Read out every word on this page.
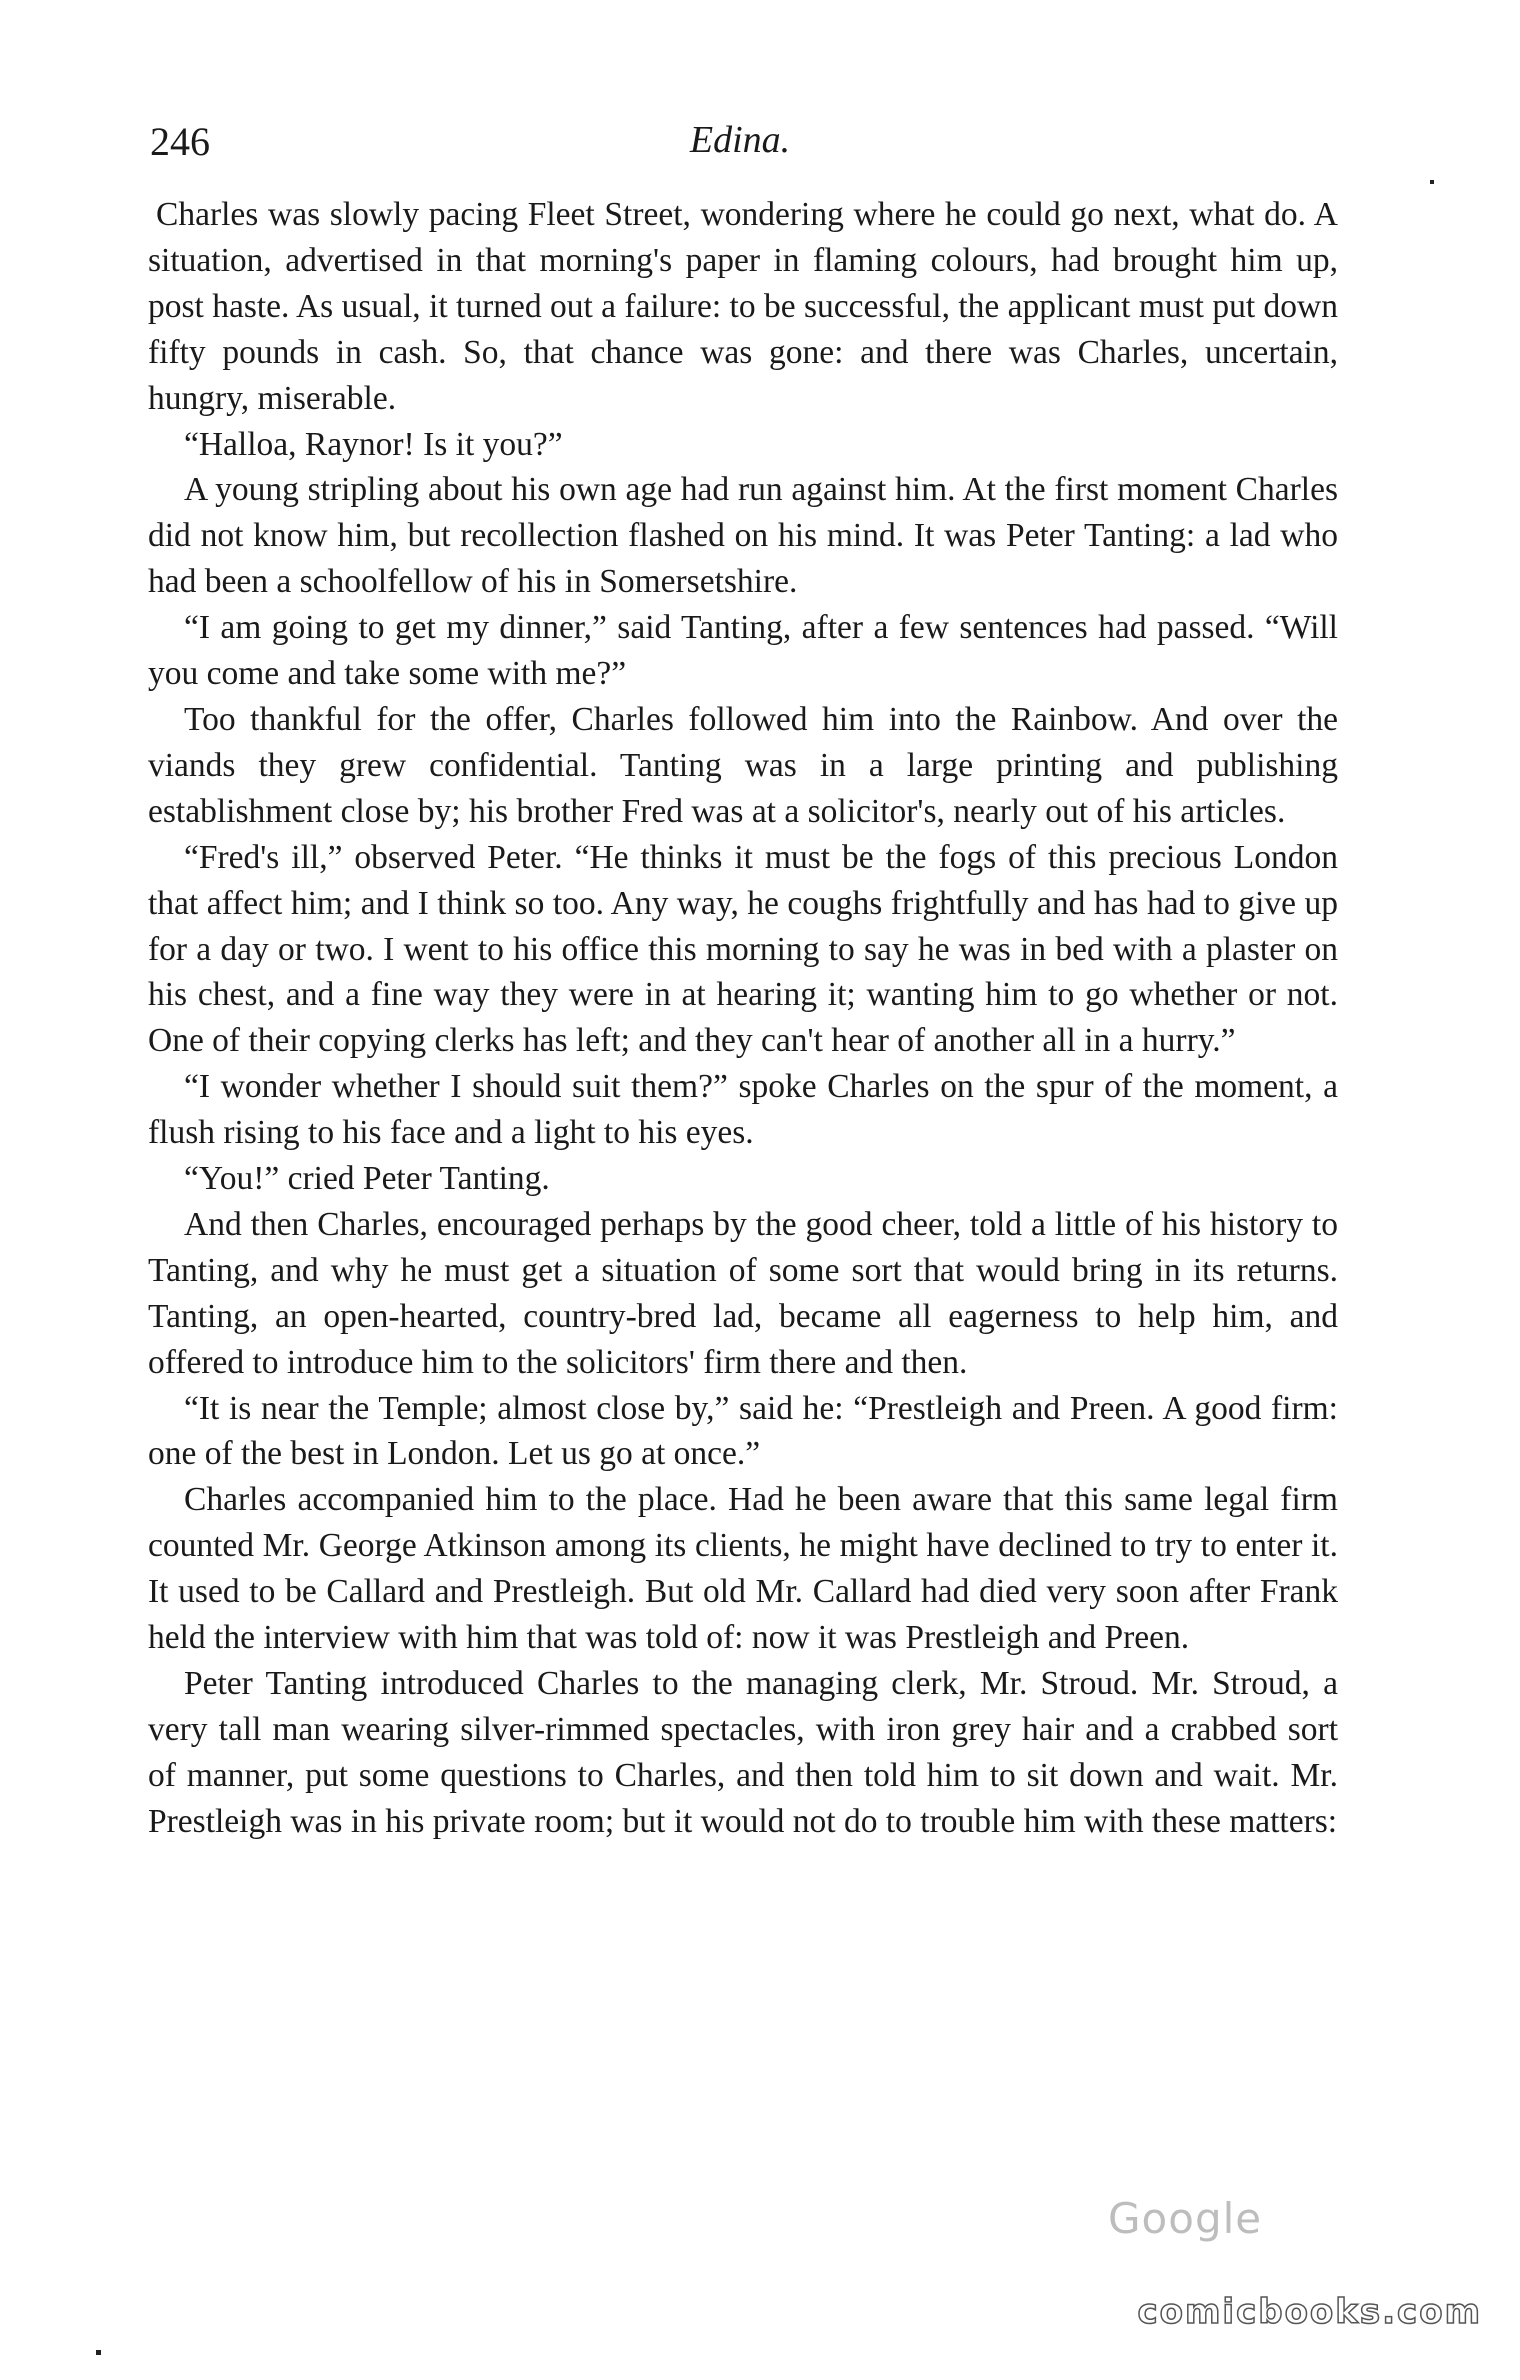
246	Edina.

Charles was slowly pacing Fleet Street, wondering where he could go next, what do. A situation, advertised in that morning's paper in flaming colours, had brought him up, post haste. As usual, it turned out a failure: to be successful, the applicant must put down fifty pounds in cash. So, that chance was gone: and there was Charles, uncertain, hungry, miserable.

“Halloa, Raynor! Is it you?”

A young stripling about his own age had run against him. At the first moment Charles did not know him, but recollection flashed on his mind. It was Peter Tanting: a lad who had been a schoolfellow of his in Somersetshire.

“I am going to get my dinner,” said Tanting, after a few sentences had passed. “Will you come and take some with me?”

Too thankful for the offer, Charles followed him into the Rainbow. And over the viands they grew confidential. Tanting was in a large printing and publishing establishment close by; his brother Fred was at a solicitor's, nearly out of his articles.

“Fred's ill,” observed Peter. “He thinks it must be the fogs of this precious London that affect him; and I think so too. Any way, he coughs frightfully and has had to give up for a day or two. I went to his office this morning to say he was in bed with a plaster on his chest, and a fine way they were in at hearing it; wanting him to go whether or not. One of their copying clerks has left; and they can't hear of another all in a hurry.”

“I wonder whether I should suit them?” spoke Charles on the spur of the moment, a flush rising to his face and a light to his eyes.

“You!” cried Peter Tanting.

And then Charles, encouraged perhaps by the good cheer, told a little of his history to Tanting, and why he must get a situation of some sort that would bring in its returns. Tanting, an open-hearted, country-bred lad, became all eagerness to help him, and offered to introduce him to the solicitors' firm there and then.

“It is near the Temple; almost close by,” said he: “Prestleigh and Preen. A good firm: one of the best in London. Let us go at once.”

Charles accompanied him to the place. Had he been aware that this same legal firm counted Mr. George Atkinson among its clients, he might have declined to try to enter it. It used to be Callard and Prestleigh. But old Mr. Callard had died very soon after Frank held the interview with him that was told of: now it was Prestleigh and Preen.

Peter Tanting introduced Charles to the managing clerk, Mr. Stroud. Mr. Stroud, a very tall man wearing silver-rimmed spectacles, with iron grey hair and a crabbed sort of manner, put some questions to Charles, and then told him to sit down and wait. Mr. Prestleigh was in his private room; but it would not do to trouble him with these matters:

Google
comicbooks.com
